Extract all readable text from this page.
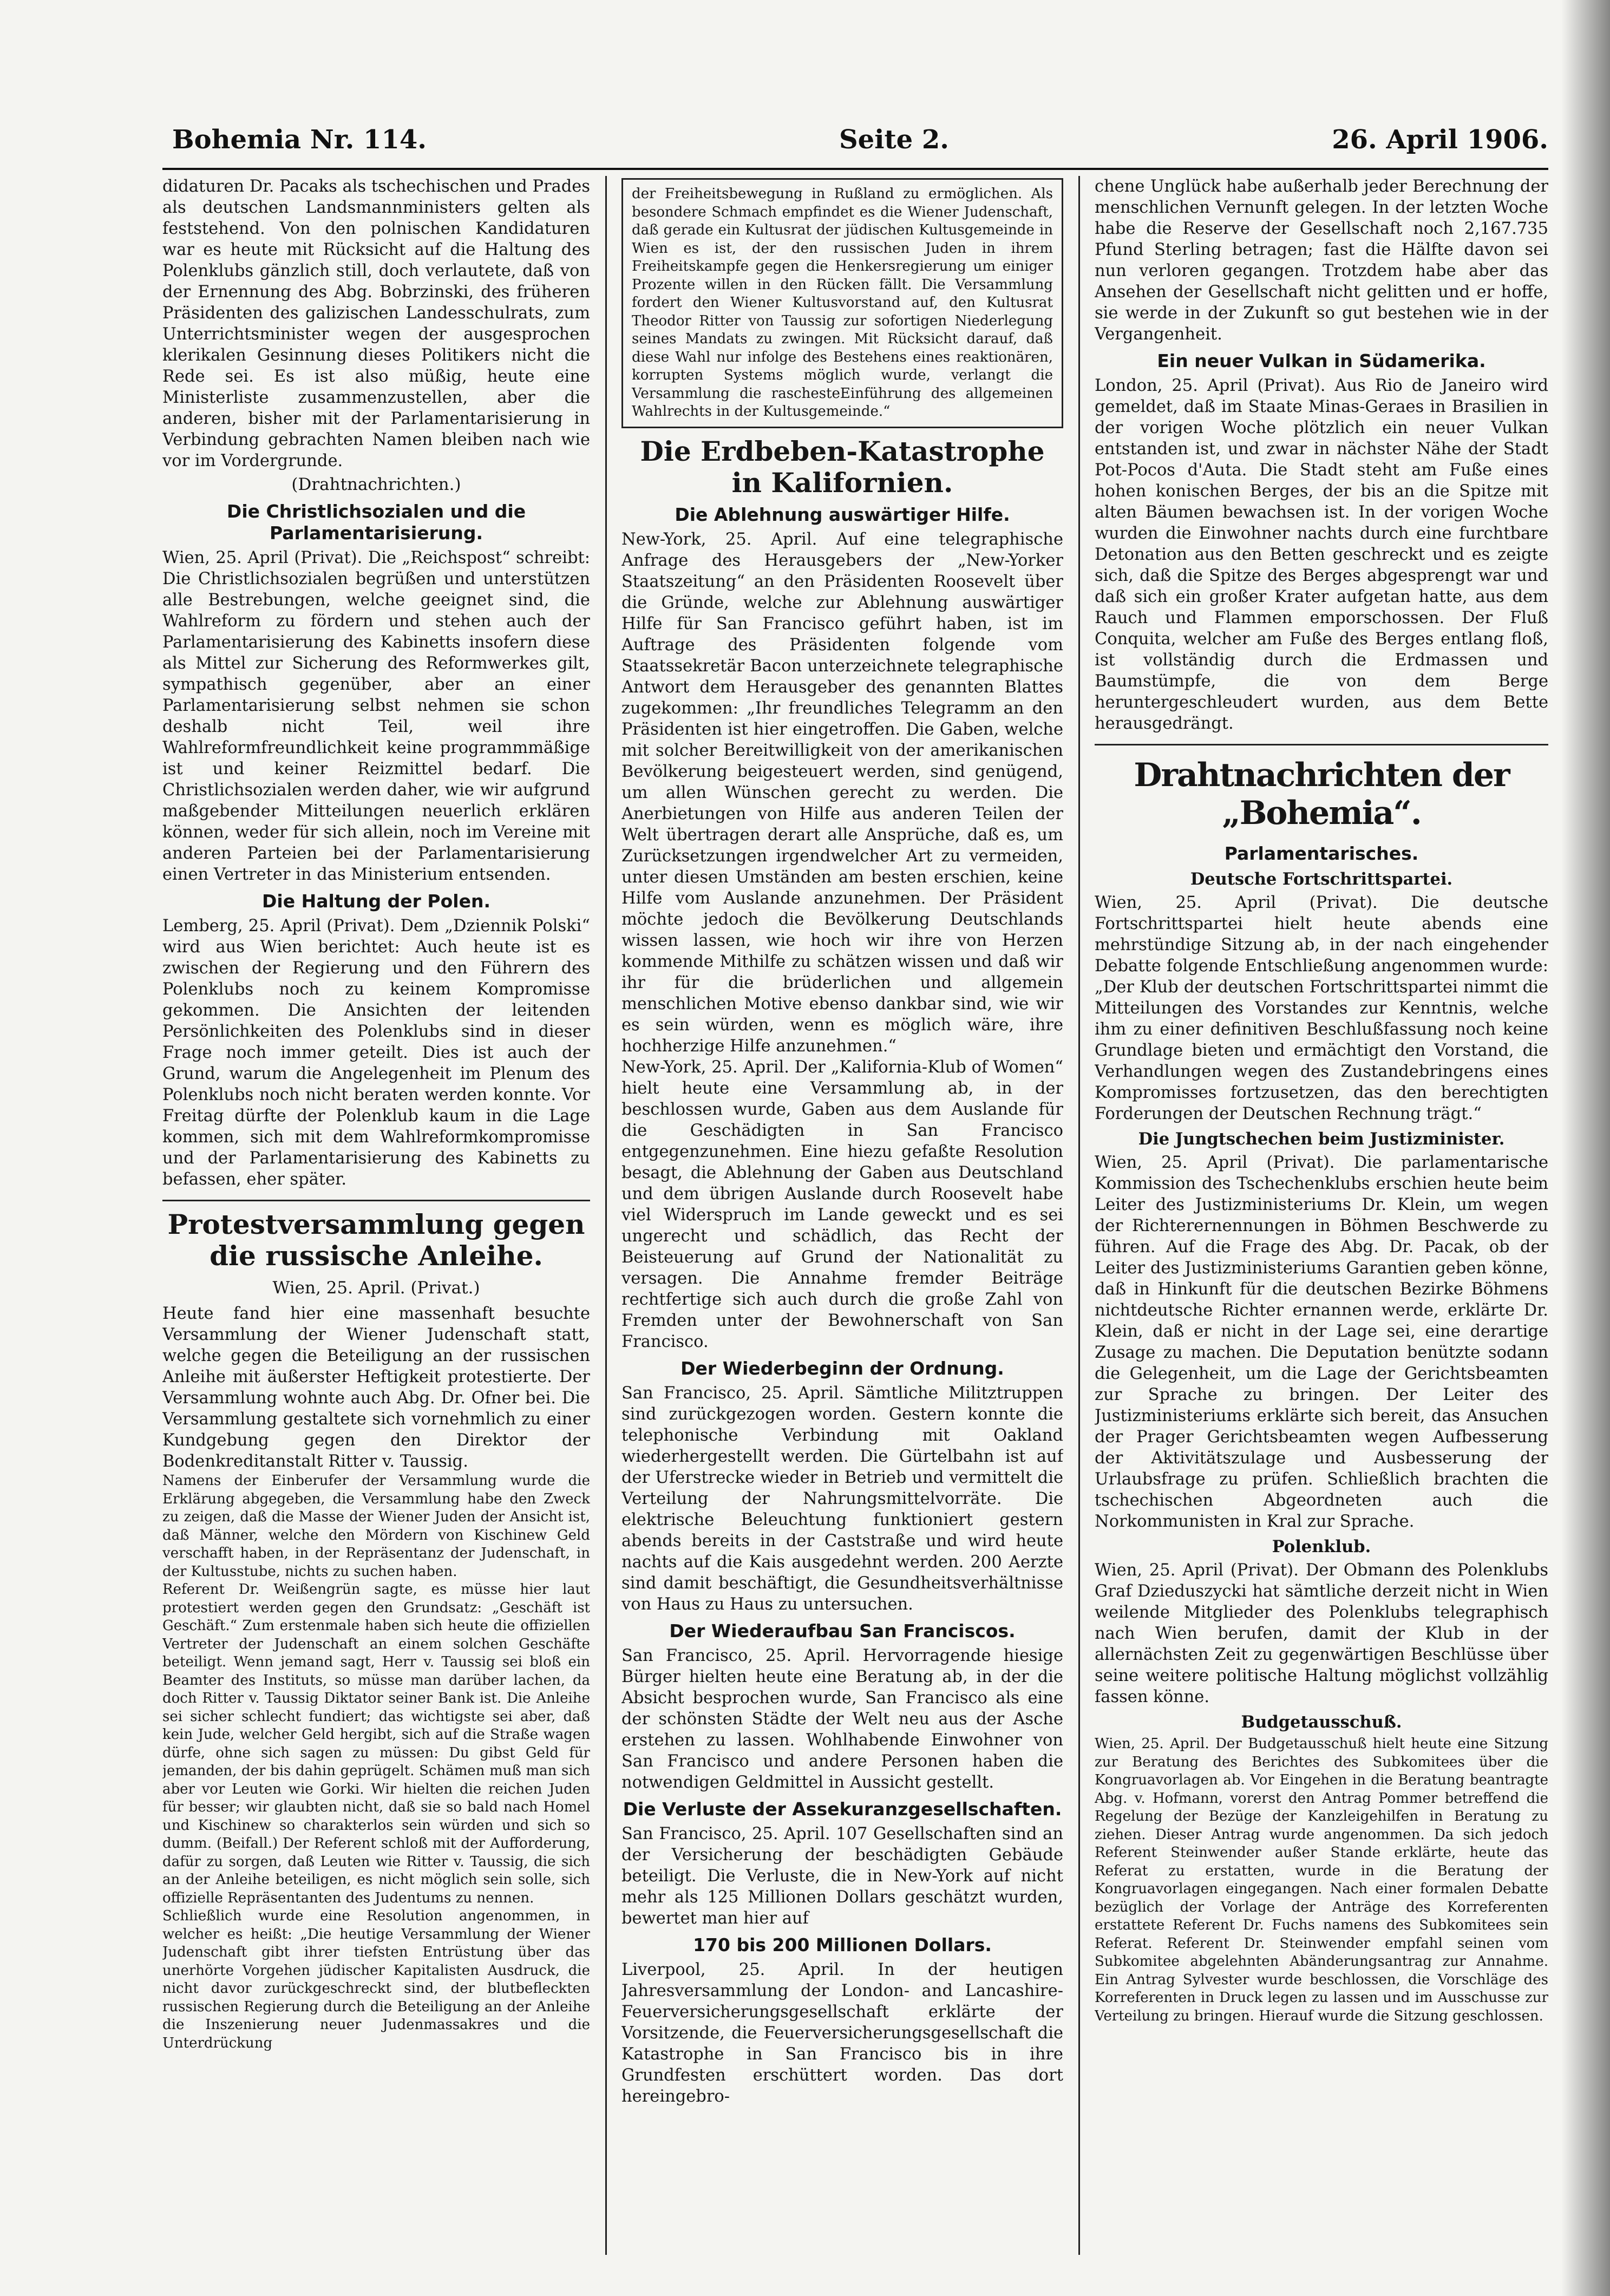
Bohemia Nr. 114.	Seite 2.	26. April 1906.

didaturen Dr. Pacaks als tschechischen und Prades als deutschen Landsmannministers gelten als feststehend. Von den polnischen Kandidaturen war es heute mit Rücksicht auf die Haltung des Polenklubs gänzlich still, doch verlautete, daß von der Ernennung des Abg. Bobrzinski, des früheren Präsidenten des galizischen Landesschulrats, zum Unterrichtsminister wegen der ausgesprochen klerikalen Gesinnung dieses Politikers nicht die Rede sei. Es ist also müßig, heute eine Ministerliste zusammenzustellen, aber die anderen, bisher mit der Parlamentarisierung in Verbindung gebrachten Namen bleiben nach wie vor im Vordergrunde.

(Drahtnachrichten.)
Die Christlichsozialen und die Parlamentarisierung.

Wien, 25. April (Privat). Die „Reichspost“ schreibt: Die Christlichsozialen begrüßen und unterstützen alle Bestrebungen, welche geeignet sind, die Wahlreform zu fördern und stehen auch der Parlamentarisierung des Kabinetts insofern diese als Mittel zur Sicherung des Reformwerkes gilt, sympathisch gegenüber, aber an einer Parlamentarisierung selbst nehmen sie schon deshalb nicht Teil, weil ihre Wahlreformfreundlichkeit keine programmmäßige ist und keiner Reizmittel bedarf. Die Christlichsozialen werden daher, wie wir aufgrund maßgebender Mitteilungen neuerlich erklären können, weder für sich allein, noch im Vereine mit anderen Parteien bei der Parlamentarisierung einen Vertreter in das Ministerium entsenden.

Die Haltung der Polen.

Lemberg, 25. April (Privat). Dem „Dziennik Polski“ wird aus Wien berichtet: Auch heute ist es zwischen der Regierung und den Führern des Polenklubs noch zu keinem Kompromisse gekommen. Die Ansichten der leitenden Persönlichkeiten des Polenklubs sind in dieser Frage noch immer geteilt. Dies ist auch der Grund, warum die Angelegenheit im Plenum des Polenklubs noch nicht beraten werden konnte. Vor Freitag dürfte der Polenklub kaum in die Lage kommen, sich mit dem Wahlreformkompromisse und der Parlamentarisierung des Kabinetts zu befassen, eher später.

Protestversammlung gegen die russische Anleihe.
Wien, 25. April. (Privat.)

Heute fand hier eine massenhaft besuchte Versammlung der Wiener Judenschaft statt, welche gegen die Beteiligung an der russischen Anleihe mit äußerster Heftigkeit protestierte. Der Versammlung wohnte auch Abg. Dr. Ofner bei. Die Versammlung gestaltete sich vornehmlich zu einer Kundgebung gegen den Direktor der Bodenkreditanstalt Ritter v. Taussig.

Namens der Einberufer der Versammlung wurde die Erklärung abgegeben, die Versammlung habe den Zweck zu zeigen, daß die Masse der Wiener Juden der Ansicht ist, daß Männer, welche den Mördern von Kischinew Geld verschafft haben, in der Repräsentanz der Judenschaft, in der Kultusstube, nichts zu suchen haben.

Referent Dr. Weißengrün sagte, es müsse hier laut protestiert werden gegen den Grundsatz: „Geschäft ist Geschäft.“ Zum erstenmale haben sich heute die offiziellen Vertreter der Judenschaft an einem solchen Geschäfte beteiligt. Wenn jemand sagt, Herr v. Taussig sei bloß ein Beamter des Instituts, so müsse man darüber lachen, da doch Ritter v. Taussig Diktator seiner Bank ist. Die Anleihe sei sicher schlecht fundiert; das wichtigste sei aber, daß kein Jude, welcher Geld hergibt, sich auf die Straße wagen dürfe, ohne sich sagen zu müssen: Du gibst Geld für jemanden, der bis dahin geprügelt. Schämen muß man sich aber vor Leuten wie Gorki. Wir hielten die reichen Juden für besser; wir glaubten nicht, daß sie so bald nach Homel und Kischinew so charakterlos sein würden und sich so dumm. (Beifall.) Der Referent schloß mit der Aufforderung, dafür zu sorgen, daß Leuten wie Ritter v. Taussig, die sich an der Anleihe beteiligen, es nicht möglich sein solle, sich offizielle Repräsentanten des Judentums zu nennen.

Schließlich wurde eine Resolution angenommen, in welcher es heißt: „Die heutige Versammlung der Wiener Judenschaft gibt ihrer tiefsten Entrüstung über das unerhörte Vorgehen jüdischer Kapitalisten Ausdruck, die nicht davor zurückgeschreckt sind, der blutbefleckten russischen Regierung durch die Beteiligung an der Anleihe die Inszenierung neuer Judenmassakres und die Unterdrückung

der Freiheitsbewegung in Rußland zu ermöglichen. Als besondere Schmach empfindet es die Wiener Judenschaft, daß gerade ein Kultusrat der jüdischen Kultusgemeinde in Wien es ist, der den russischen Juden in ihrem Freiheitskampfe gegen die Henkersregierung um einiger Prozente willen in den Rücken fällt. Die Versammlung fordert den Wiener Kultusvorstand auf, den Kultusrat Theodor Ritter von Taussig zur sofortigen Niederlegung seines Mandats zu zwingen. Mit Rücksicht darauf, daß diese Wahl nur infolge des Bestehens eines reaktionären, korrupten Systems möglich wurde, verlangt die Versammlung die raschesteEinführung des allgemeinen Wahlrechts in der Kultusgemeinde.“

Die Erdbeben-Katastrophe in Kalifornien.
Die Ablehnung auswärtiger Hilfe.

New-York, 25. April. Auf eine telegraphische Anfrage des Herausgebers der „New-Yorker Staatszeitung“ an den Präsidenten Roosevelt über die Gründe, welche zur Ablehnung auswärtiger Hilfe für San Francisco geführt haben, ist im Auftrage des Präsidenten folgende vom Staatssekretär Bacon unterzeichnete telegraphische Antwort dem Herausgeber des genannten Blattes zugekommen: „Ihr freundliches Telegramm an den Präsidenten ist hier eingetroffen. Die Gaben, welche mit solcher Bereitwilligkeit von der amerikanischen Bevölkerung beigesteuert werden, sind genügend, um allen Wünschen gerecht zu werden. Die Anerbietungen von Hilfe aus anderen Teilen der Welt übertragen derart alle Ansprüche, daß es, um Zurücksetzungen irgendwelcher Art zu vermeiden, unter diesen Umständen am besten erschien, keine Hilfe vom Auslande anzunehmen. Der Präsident möchte jedoch die Bevölkerung Deutschlands wissen lassen, wie hoch wir ihre von Herzen kommende Mithilfe zu schätzen wissen und daß wir ihr für die brüderlichen und allgemein menschlichen Motive ebenso dankbar sind, wie wir es sein würden, wenn es möglich wäre, ihre hochherzige Hilfe anzunehmen.“

New-York, 25. April. Der „Kalifornia-Klub of Women“ hielt heute eine Versammlung ab, in der beschlossen wurde, Gaben aus dem Auslande für die Geschädigten in San Francisco entgegenzunehmen. Eine hiezu gefaßte Resolution besagt, die Ablehnung der Gaben aus Deutschland und dem übrigen Auslande durch Roosevelt habe viel Widerspruch im Lande geweckt und es sei ungerecht und schädlich, das Recht der Beisteuerung auf Grund der Nationalität zu versagen. Die Annahme fremder Beiträge rechtfertige sich auch durch die große Zahl von Fremden unter der Bewohnerschaft von San Francisco.

Der Wiederbeginn der Ordnung.

San Francisco, 25. April. Sämtliche Militztruppen sind zurückgezogen worden. Gestern konnte die telephonische Verbindung mit Oakland wiederhergestellt werden. Die Gürtelbahn ist auf der Uferstrecke wieder in Betrieb und vermittelt die Verteilung der Nahrungsmittelvorräte. Die elektrische Beleuchtung funktioniert gestern abends bereits in der Caststraße und wird heute nachts auf die Kais ausgedehnt werden. 200 Aerzte sind damit beschäftigt, die Gesundheitsverhältnisse von Haus zu Haus zu untersuchen.

Der Wiederaufbau San Franciscos.

San Francisco, 25. April. Hervorragende hiesige Bürger hielten heute eine Beratung ab, in der die Absicht besprochen wurde, San Francisco als eine der schönsten Städte der Welt neu aus der Asche erstehen zu lassen. Wohlhabende Einwohner von San Francisco und andere Personen haben die notwendigen Geldmittel in Aussicht gestellt.

Die Verluste der Assekuranzgesellschaften.

San Francisco, 25. April. 107 Gesellschaften sind an der Versicherung der beschädigten Gebäude beteiligt. Die Verluste, die in New-York auf nicht mehr als 125 Millionen Dollars geschätzt wurden, bewertet man hier auf

170 bis 200 Millionen Dollars.

Liverpool, 25. April. In der heutigen Jahresversammlung der London- and Lancashire-Feuerversicherungsgesellschaft erklärte der Vorsitzende, die Feuerversicherungsgesellschaft die Katastrophe in San Francisco bis in ihre Grundfesten erschüttert worden. Das dort hereingebro-

chene Unglück habe außerhalb jeder Berechnung der menschlichen Vernunft gelegen. In der letzten Woche habe die Reserve der Gesellschaft noch 2,167.735 Pfund Sterling betragen; fast die Hälfte davon sei nun verloren gegangen. Trotzdem habe aber das Ansehen der Gesellschaft nicht gelitten und er hoffe, sie werde in der Zukunft so gut bestehen wie in der Vergangenheit.

Ein neuer Vulkan in Südamerika.

London, 25. April (Privat). Aus Rio de Janeiro wird gemeldet, daß im Staate Minas-Geraes in Brasilien in der vorigen Woche plötzlich ein neuer Vulkan entstanden ist, und zwar in nächster Nähe der Stadt Pot-Pocos d'Auta. Die Stadt steht am Fuße eines hohen konischen Berges, der bis an die Spitze mit alten Bäumen bewachsen ist. In der vorigen Woche wurden die Einwohner nachts durch eine furchtbare Detonation aus den Betten geschreckt und es zeigte sich, daß die Spitze des Berges abgesprengt war und daß sich ein großer Krater aufgetan hatte, aus dem Rauch und Flammen emporschossen. Der Fluß Conquita, welcher am Fuße des Berges entlang floß, ist vollständig durch die Erdmassen und Baumstümpfe, die von dem Berge heruntergeschleudert wurden, aus dem Bette herausgedrängt.

Drahtnachrichten der „Bohemia“.
Parlamentarisches.
Deutsche Fortschrittspartei.

Wien, 25. April (Privat). Die deutsche Fortschrittspartei hielt heute abends eine mehrstündige Sitzung ab, in der nach eingehender Debatte folgende Entschließung angenommen wurde: „Der Klub der deutschen Fortschrittspartei nimmt die Mitteilungen des Vorstandes zur Kenntnis, welche ihm zu einer definitiven Beschlußfassung noch keine Grundlage bieten und ermächtigt den Vorstand, die Verhandlungen wegen des Zustandebringens eines Kompromisses fortzusetzen, das den berechtigten Forderungen der Deutschen Rechnung trägt.“

Die Jungtschechen beim Justizminister.

Wien, 25. April (Privat). Die parlamentarische Kommission des Tschechenklubs erschien heute beim Leiter des Justizministeriums Dr. Klein, um wegen der Richterernennungen in Böhmen Beschwerde zu führen. Auf die Frage des Abg. Dr. Pacak, ob der Leiter des Justizministeriums Garantien geben könne, daß in Hinkunft für die deutschen Bezirke Böhmens nichtdeutsche Richter ernannen werde, erklärte Dr. Klein, daß er nicht in der Lage sei, eine derartige Zusage zu machen. Die Deputation benützte sodann die Gelegenheit, um die Lage der Gerichtsbeamten zur Sprache zu bringen. Der Leiter des Justizministeriums erklärte sich bereit, das Ansuchen der Prager Gerichtsbeamten wegen Aufbesserung der Aktivitätszulage und Ausbesserung der Urlaubsfrage zu prüfen. Schließlich brachten die tschechischen Abgeordneten auch die Norkommunisten in Kral zur Sprache.

Polenklub.

Wien, 25. April (Privat). Der Obmann des Polenklubs Graf Dzieduszycki hat sämtliche derzeit nicht in Wien weilende Mitglieder des Polenklubs telegraphisch nach Wien berufen, damit der Klub in der allernächsten Zeit zu gegenwärtigen Beschlüsse über seine weitere politische Haltung möglichst vollzählig fassen könne.

Budgetausschuß.

Wien, 25. April. Der Budgetausschuß hielt heute eine Sitzung zur Beratung des Berichtes des Subkomitees über die Kongruavorlagen ab. Vor Eingehen in die Beratung beantragte Abg. v. Hofmann, vorerst den Antrag Pommer betreffend die Regelung der Bezüge der Kanzleigehilfen in Beratung zu ziehen. Dieser Antrag wurde angenommen. Da sich jedoch Referent Steinwender außer Stande erklärte, heute das Referat zu erstatten, wurde in die Beratung der Kongruavorlagen eingegangen. Nach einer formalen Debatte bezüglich der Vorlage der Anträge des Korreferenten erstattete Referent Dr. Fuchs namens des Subkomitees sein Referat. Referent Dr. Steinwender empfahl seinen vom Subkomitee abgelehnten Abänderungsantrag zur Annahme. Ein Antrag Sylvester wurde beschlossen, die Vorschläge des Korreferenten in Druck legen zu lassen und im Ausschusse zur Verteilung zu bringen. Hierauf wurde die Sitzung geschlossen.
